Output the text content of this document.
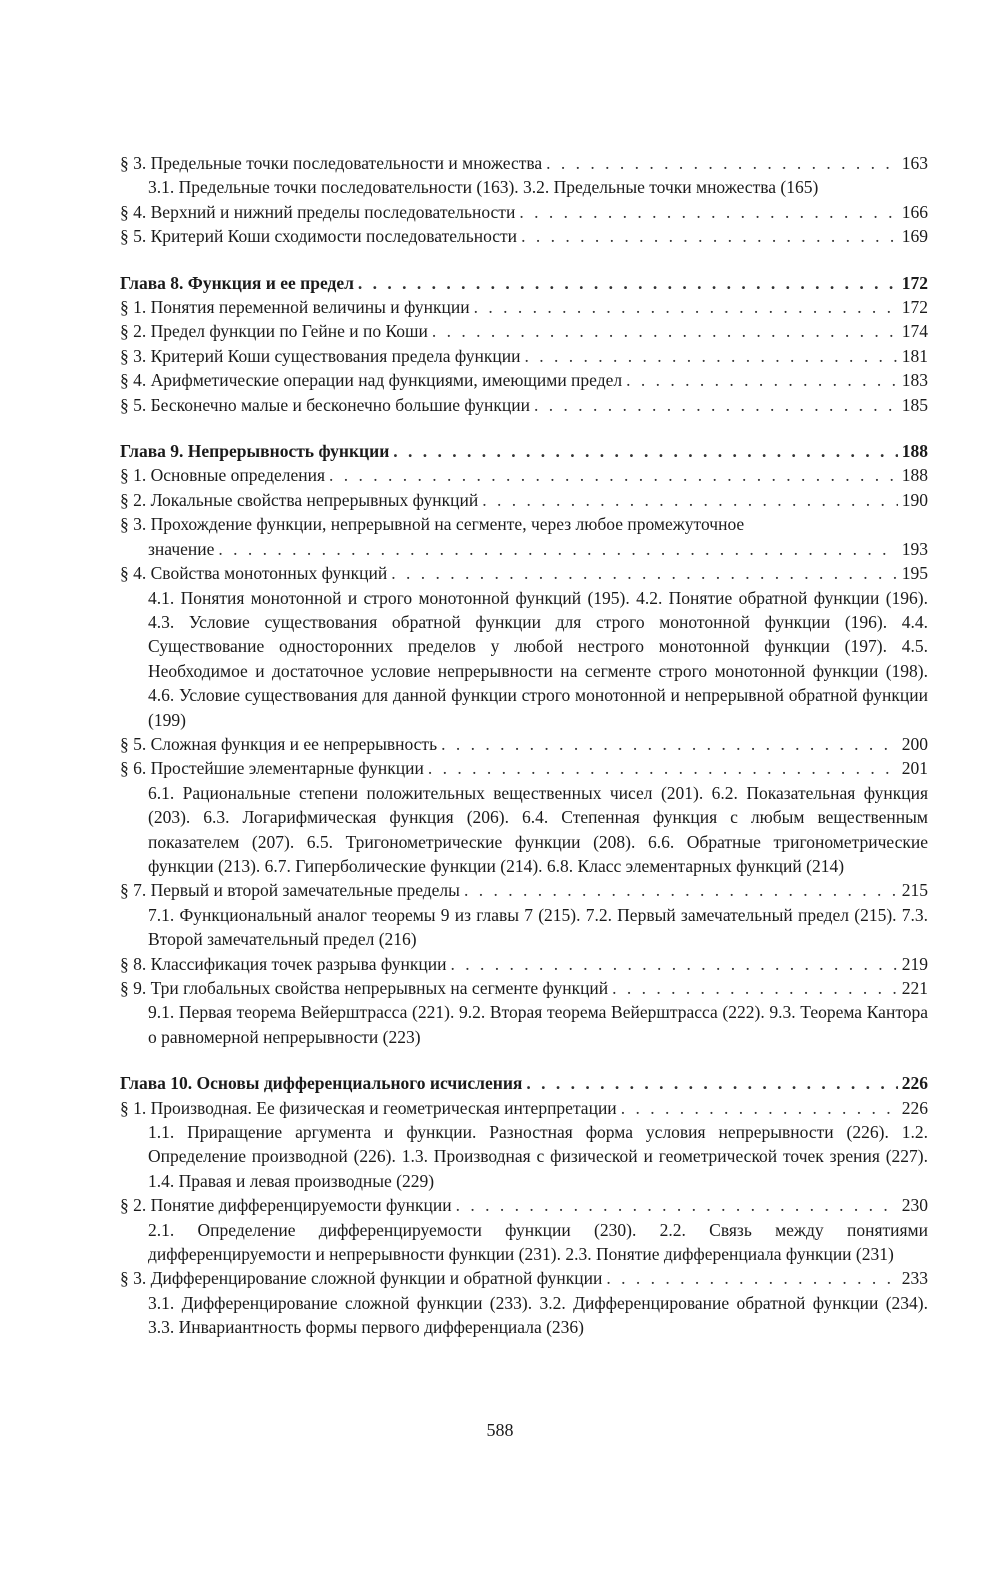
§ 3. Предельные точки последовательности и множества . . .	163
3.1. Предельные точки последовательности (163). 3.2. Предельные точки множества (165)
§ 4. Верхний и нижний пределы последовательности . . .	166
§ 5. Критерий Коши сходимости последовательности . . .	169
Глава 8. Функция и ее предел . . .	172
§ 1. Понятия переменной величины и функции . . .	172
§ 2. Предел функции по Гейне и по Коши . . .	174
§ 3. Критерий Коши существования предела функции . . .	181
§ 4. Арифметические операции над функциями, имеющими предел . . .	183
§ 5. Бесконечно малые и бесконечно большие функции . . .	185
Глава 9. Непрерывность функции . . .	188
§ 1. Основные определения . . .	188
§ 2. Локальные свойства непрерывных функций . . .	190
§ 3. Прохождение функции, непрерывной на сегменте, через любое промежуточное
значение . . .	193
§ 4. Свойства монотонных функций . . .	195
4.1. Понятия монотонной и строго монотонной функций (195). 4.2. Понятие обратной функции (196). 4.3. Условие существования обратной функции для строго монотонной функции (196). 4.4. Существование односторонних пределов у любой нестрого монотонной функции (197). 4.5. Необходимое и достаточное условие непрерывности на сегменте строго монотонной функции (198). 4.6. Условие существования для данной функции строго монотонной и непрерывной обратной функции (199)
§ 5. Сложная функция и ее непрерывность . . .	200
§ 6. Простейшие элементарные функции . . .	201
6.1. Рациональные степени положительных вещественных чисел (201). 6.2. Показательная функция (203). 6.3. Логарифмическая функция (206). 6.4. Степенная функция с любым вещественным показателем (207). 6.5. Тригонометрические функции (208). 6.6. Обратные тригонометрические функции (213). 6.7. Гиперболические функции (214). 6.8. Класс элементарных функций (214)
§ 7. Первый и второй замечательные пределы . . .	215
7.1. Функциональный аналог теоремы 9 из главы 7 (215). 7.2. Первый замечательный предел (215). 7.3. Второй замечательный предел (216)
§ 8. Классификация точек разрыва функции . . .	219
§ 9. Три глобальных свойства непрерывных на сегменте функций . . .	221
9.1. Первая теорема Вейерштрасса (221). 9.2. Вторая теорема Вейерштрасса (222). 9.3. Теорема Кантора о равномерной непрерывности (223)
Глава 10. Основы дифференциального исчисления . . .	226
§ 1. Производная. Ее физическая и геометрическая интерпретации . . .	226
1.1. Приращение аргумента и функции. Разностная форма условия непрерывности (226). 1.2. Определение производной (226). 1.3. Производная с физической и геометрической точек зрения (227). 1.4. Правая и левая производные (229)
§ 2. Понятие дифференцируемости функции . . .	230
2.1. Определение дифференцируемости функции (230). 2.2. Связь между понятиями дифференцируемости и непрерывности функции (231). 2.3. Понятие дифференциала функции (231)
§ 3. Дифференцирование сложной функции и обратной функции . . .	233
3.1. Дифференцирование сложной функции (233). 3.2. Дифференцирование обратной функции (234). 3.3. Инвариантность формы первого дифференциала (236)
588
